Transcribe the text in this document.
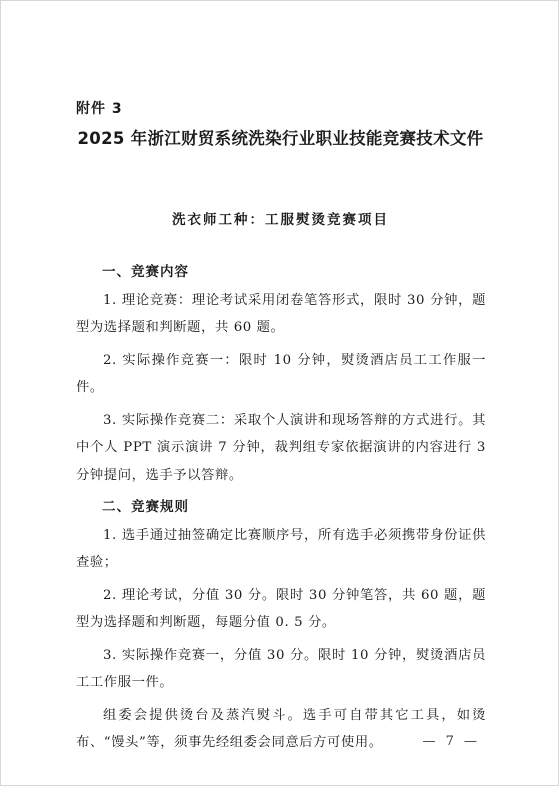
附件 3
2025 年浙江财贸系统洗染行业职业技能竞赛技术文件
洗衣师工种：工服熨烫竞赛项目
一、竞赛内容

1. 理论竞赛：理论考试采用闭卷笔答形式，限时 30 分钟，题型为选择题和判断题，共 60 题。

2. 实际操作竞赛一：限时 10 分钟，熨烫酒店员工工作服一件。

3. 实际操作竞赛二：采取个人演讲和现场答辩的方式进行。其中个人 PPT 演示演讲 7 分钟，裁判组专家依据演讲的内容进行 3 分钟提问，选手予以答辩。

二、竞赛规则

1. 选手通过抽签确定比赛顺序号，所有选手必须携带身份证供查验；

2. 理论考试，分值 30 分。限时 30 分钟笔答，共 60 题，题型为选择题和判断题，每题分值 0. 5 分。

3. 实际操作竞赛一，分值 30 分。限时 10 分钟，熨烫酒店员工工作服一件。

组委会提供烫台及蒸汽熨斗。选手可自带其它工具，如烫布、“馒头”等，须事先经组委会同意后方可使用。	— 7 —
